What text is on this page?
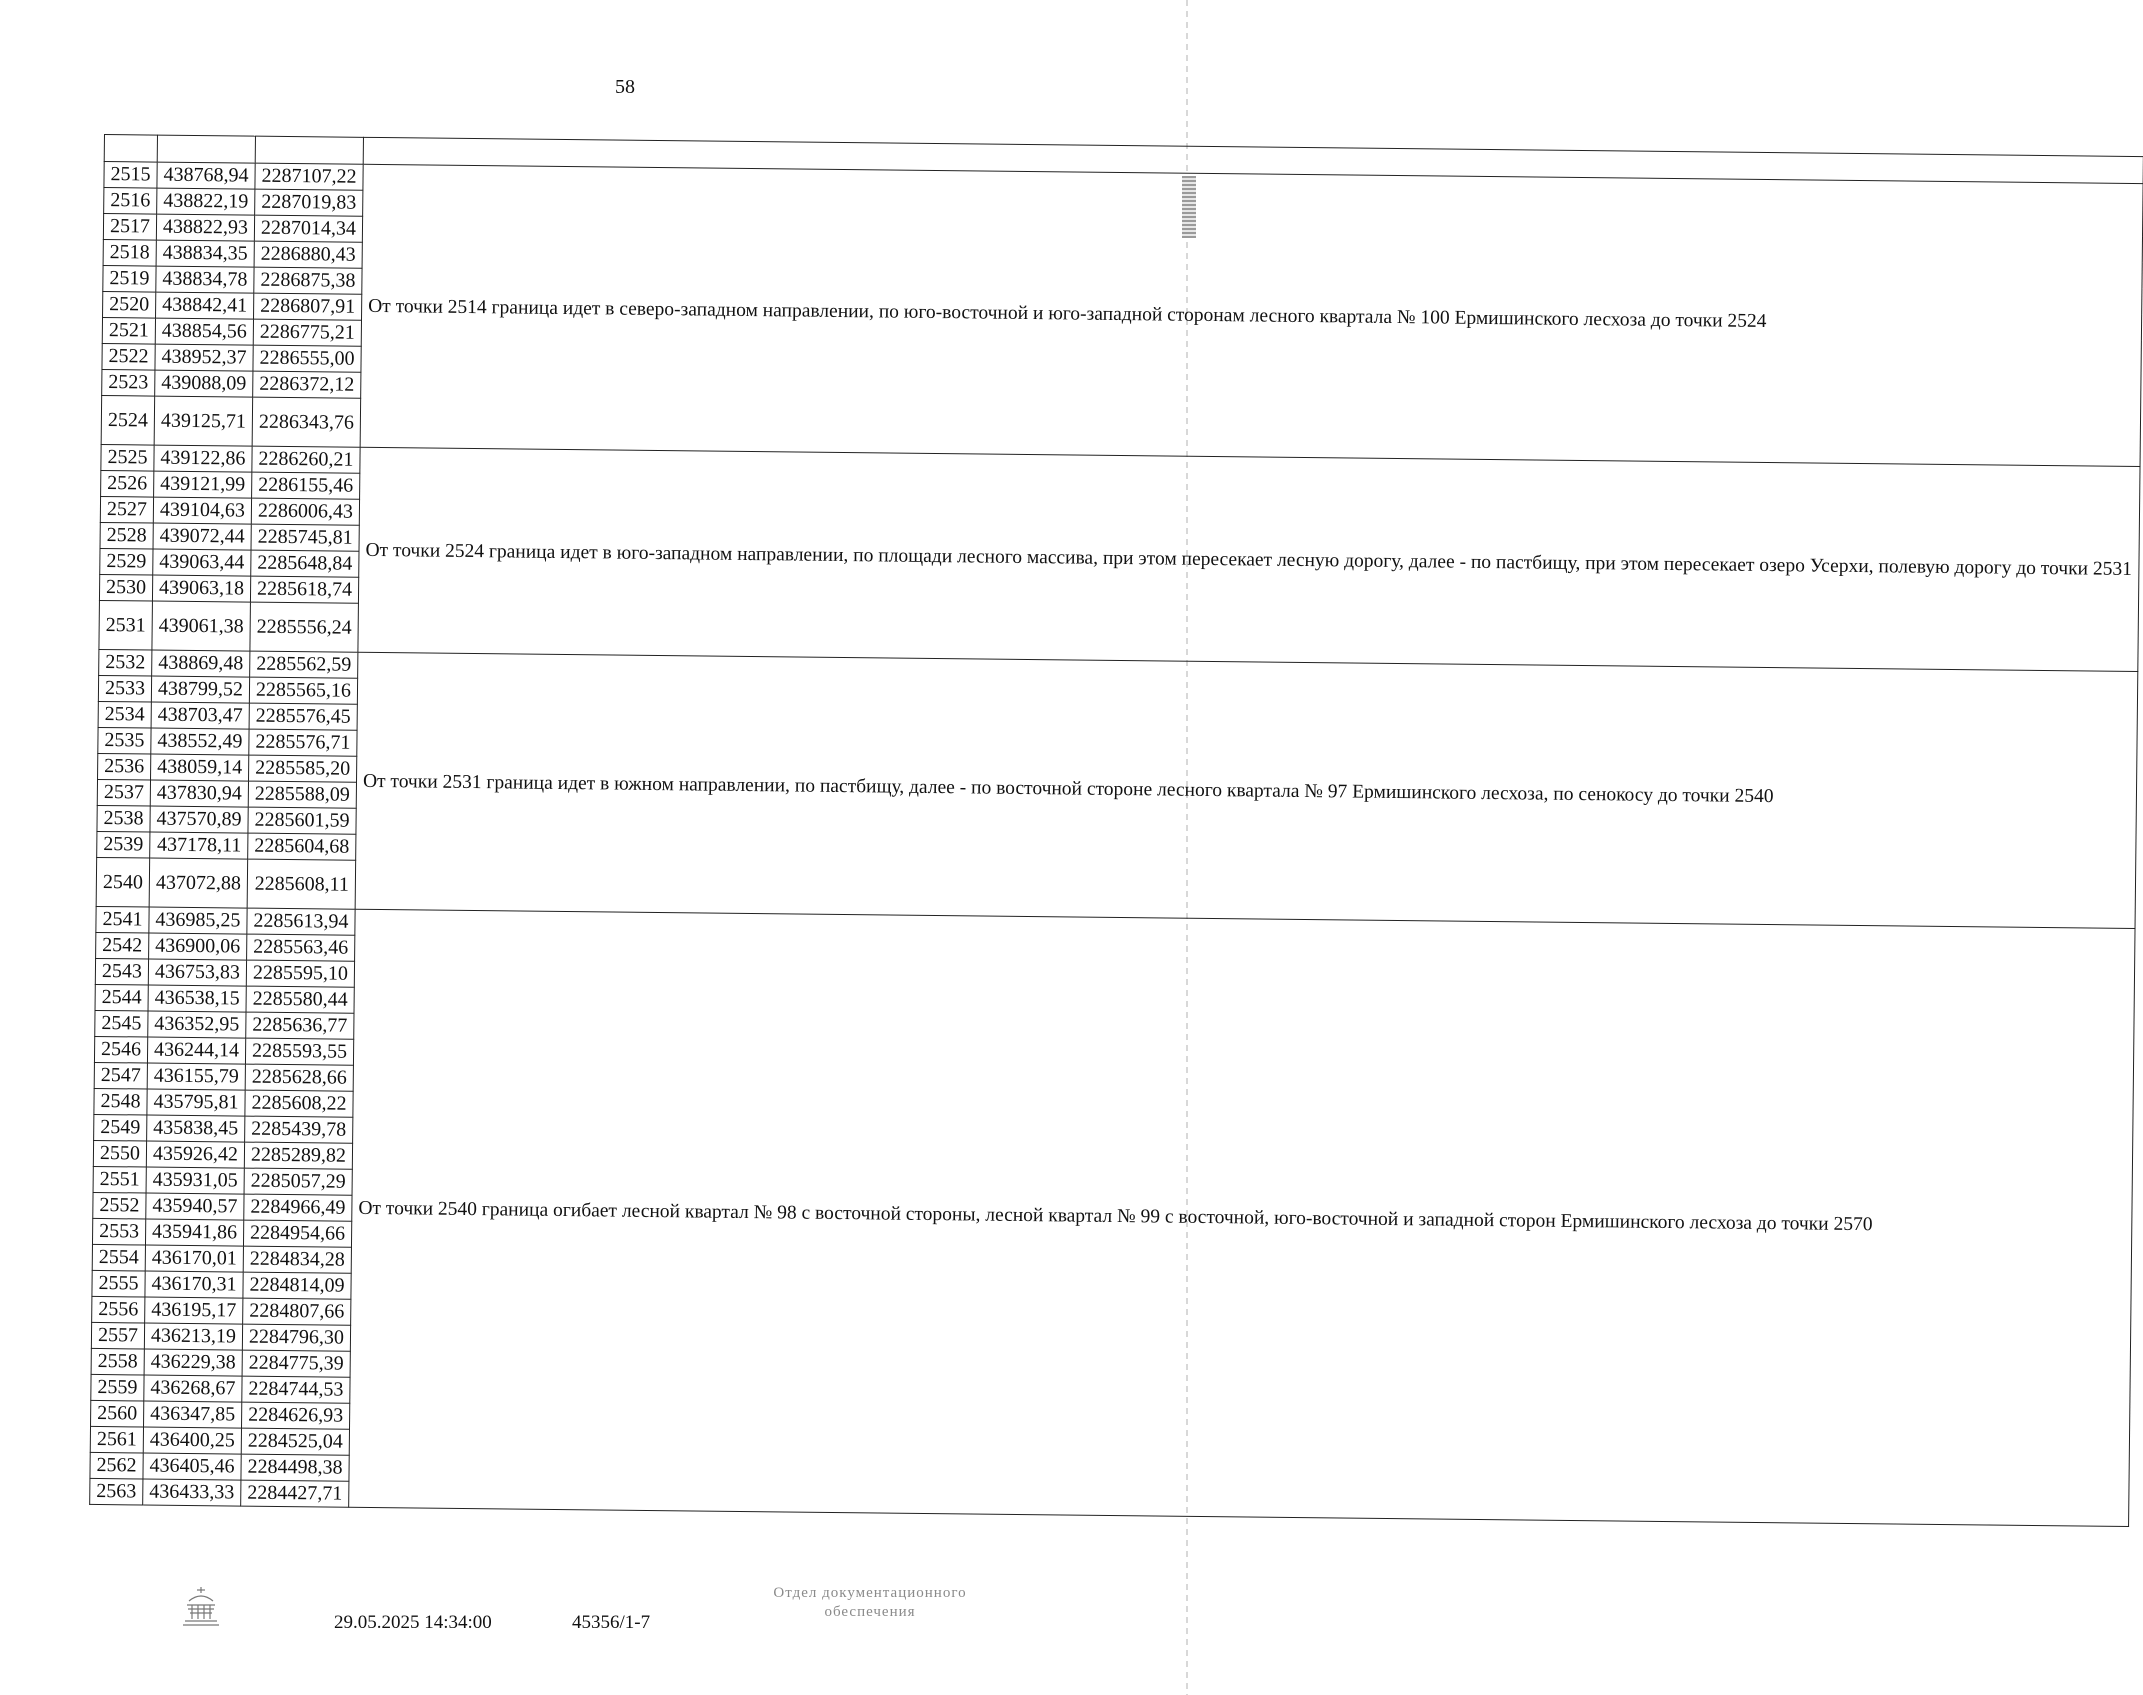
58

2515	438768,94	2287107,22	От точки 2514 граница идет в северо-западном направлении, по юго-восточной и юго-западной сторонам лесного квартала № 100 Ермишинского лесхоза до точки 2524
2516	438822,19	2287019,83	
2517	438822,93	2287014,34	
2518	438834,35	2286880,43	
2519	438834,78	2286875,38	
2520	438842,41	2286807,91	
2521	438854,56	2286775,21	
2522	438952,37	2286555,00	
2523	439088,09	2286372,12	
2524	439125,71	2286343,76	
2525	439122,86	2286260,21	От точки 2524 граница идет в юго-западном направлении, по площади лесного массива, при этом пересекает лесную дорогу, далее - по пастбищу, при этом пересекает озеро Усерхи, полевую дорогу до точки 2531
2526	439121,99	2286155,46	
2527	439104,63	2286006,43	
2528	439072,44	2285745,81	
2529	439063,44	2285648,84	
2530	439063,18	2285618,74	
2531	439061,38	2285556,24	
2532	438869,48	2285562,59	От точки 2531 граница идет в южном направлении, по пастбищу, далее - по восточной стороне лесного квартала № 97 Ермишинского лесхоза, по сенокосу до точки 2540
2533	438799,52	2285565,16	
2534	438703,47	2285576,45	
2535	438552,49	2285576,71	
2536	438059,14	2285585,20	
2537	437830,94	2285588,09	
2538	437570,89	2285601,59	
2539	437178,11	2285604,68	
2540	437072,88	2285608,11	
2541	436985,25	2285613,94	От точки 2540 граница огибает лесной квартал № 98 с восточной стороны, лесной квартал № 99 с восточной, юго-восточной и западной сторон Ермишинского лесхоза до точки 2570
2542	436900,06	2285563,46	
2543	436753,83	2285595,10	
2544	436538,15	2285580,44	
2545	436352,95	2285636,77	
2546	436244,14	2285593,55	
2547	436155,79	2285628,66	
2548	435795,81	2285608,22	
2549	435838,45	2285439,78	
2550	435926,42	2285289,82	
2551	435931,05	2285057,29	
2552	435940,57	2284966,49	
2553	435941,86	2284954,66	
2554	436170,01	2284834,28	
2555	436170,31	2284814,09	
2556	436195,17	2284807,66	
2557	436213,19	2284796,30	
2558	436229,38	2284775,39	
2559	436268,67	2284744,53	
2560	436347,85	2284626,93	
2561	436400,25	2284525,04	
2562	436405,46	2284498,38	
2563	436433,33	2284427,71	
29.05.2025 14:34:00	45356/1-7
Отдел документационного
обеспечения
